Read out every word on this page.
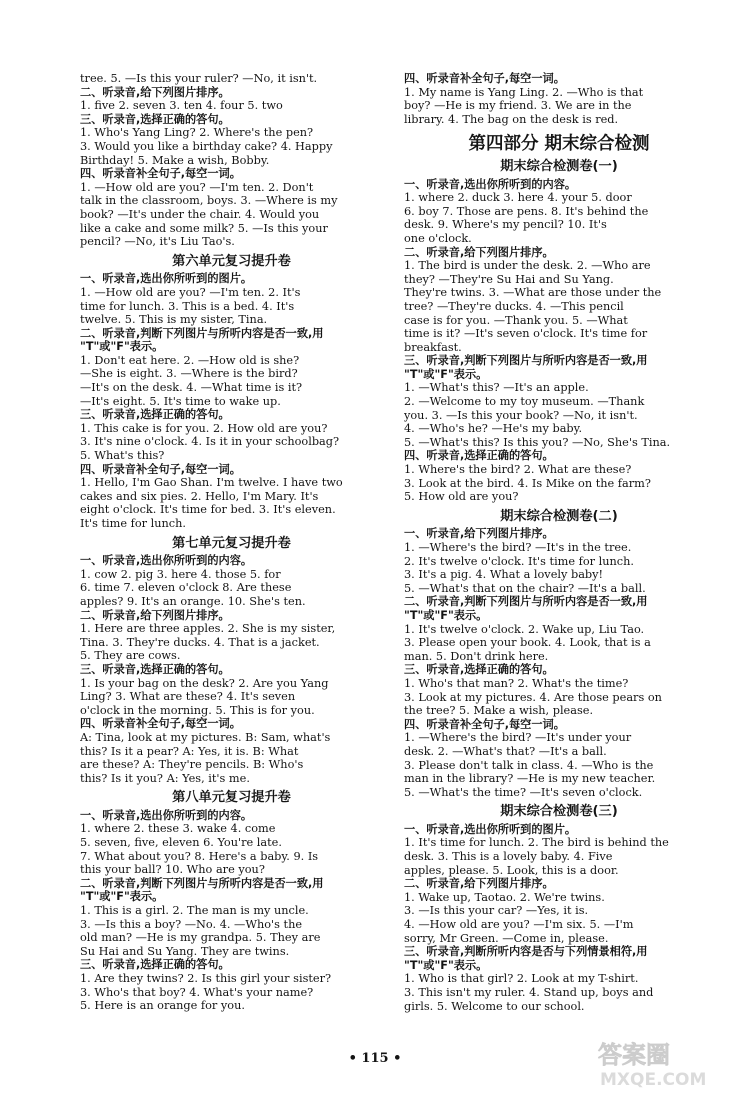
tree. 5. —Is this your ruler? —No, it isn't.
二、听录音,给下列图片排序。
1. five 2. seven 3. ten 4. four 5. two
三、听录音,选择正确的答句。
1. Who's Yang Ling? 2. Where's the pen?
3. Would you like a birthday cake? 4. Happy
Birthday! 5. Make a wish, Bobby.
四、听录音补全句子,每空一词。
1. —How old are you? —I'm ten. 2. Don't
talk in the classroom, boys. 3. —Where is my
book? —It's under the chair. 4. Would you
like a cake and some milk? 5. —Is this your
pencil? —No, it's Liu Tao's.
第六单元复习提升卷
一、听录音,选出你所听到的图片。
1. —How old are you? —I'm ten. 2. It's
time for lunch. 3. This is a bed. 4. It's
twelve. 5. This is my sister, Tina.
二、听录音,判断下列图片与所听内容是否一致,用
"T"或"F"表示。
1. Don't eat here. 2. —How old is she?
—She is eight. 3. —Where is the bird?
—It's on the desk. 4. —What time is it?
—It's eight. 5. It's time to wake up.
三、听录音,选择正确的答句。
1. This cake is for you. 2. How old are you?
3. It's nine o'clock. 4. Is it in your schoolbag?
5. What's this?
四、听录音补全句子,每空一词。
1. Hello, I'm Gao Shan. I'm twelve. I have two
cakes and six pies. 2. Hello, I'm Mary. It's
eight o'clock. It's time for bed. 3. It's eleven.
It's time for lunch.
第七单元复习提升卷
一、听录音,选出你所听到的内容。
1. cow 2. pig 3. here 4. those 5. for
6. time 7. eleven o'clock 8. Are these
apples? 9. It's an orange. 10. She's ten.
二、听录音,给下列图片排序。
1. Here are three apples. 2. She is my sister,
Tina. 3. They're ducks. 4. That is a jacket.
5. They are cows.
三、听录音,选择正确的答句。
1. Is your bag on the desk? 2. Are you Yang
Ling? 3. What are these? 4. It's seven
o'clock in the morning. 5. This is for you.
四、听录音补全句子,每空一词。
A: Tina, look at my pictures. B: Sam, what's
this? Is it a pear? A: Yes, it is. B: What
are these? A: They're pencils. B: Who's
this? Is it you? A: Yes, it's me.
第八单元复习提升卷
一、听录音,选出你所听到的内容。
1. where 2. these 3. wake 4. come
5. seven, five, eleven 6. You're late.
7. What about you? 8. Here's a baby. 9. Is
this your ball? 10. Who are you?
二、听录音,判断下列图片与所听内容是否一致,用
"T"或"F"表示。
1. This is a girl. 2. The man is my uncle.
3. —Is this a boy? —No. 4. —Who's the
old man? —He is my grandpa. 5. They are
Su Hai and Su Yang. They are twins.
三、听录音,选择正确的答句。
1. Are they twins? 2. Is this girl your sister?
3. Who's that boy? 4. What's your name?
5. Here is an orange for you.
四、听录音补全句子,每空一词。
1. My name is Yang Ling. 2. —Who is that
boy? —He is my friend. 3. We are in the
library. 4. The bag on the desk is red.
第四部分 期末综合检测
期末综合检测卷(一)
一、听录音,选出你所听到的内容。
1. where 2. duck 3. here 4. your 5. door
6. boy 7. Those are pens. 8. It's behind the
desk. 9. Where's my pencil? 10. It's
one o'clock.
二、听录音,给下列图片排序。
1. The bird is under the desk. 2. —Who are
they? —They're Su Hai and Su Yang.
They're twins. 3. —What are those under the
tree? —They're ducks. 4. —This pencil
case is for you. —Thank you. 5. —What
time is it? —It's seven o'clock. It's time for
breakfast.
三、听录音,判断下列图片与所听内容是否一致,用
"T"或"F"表示。
1. —What's this? —It's an apple.
2. —Welcome to my toy museum. —Thank
you. 3. —Is this your book? —No, it isn't.
4. —Who's he? —He's my baby.
5. —What's this? Is this you? —No, She's Tina.
四、听录音,选择正确的答句。
1. Where's the bird? 2. What are these?
3. Look at the bird. 4. Is Mike on the farm?
5. How old are you?
期末综合检测卷(二)
一、听录音,给下列图片排序。
1. —Where's the bird? —It's in the tree.
2. It's twelve o'clock. It's time for lunch.
3. It's a pig. 4. What a lovely baby!
5. —What's that on the chair? —It's a ball.
二、听录音,判断下列图片与所听内容是否一致,用
"T"或"F"表示。
1. It's twelve o'clock. 2. Wake up, Liu Tao.
3. Please open your book. 4. Look, that is a
man. 5. Don't drink here.
三、听录音,选择正确的答句。
1. Who's that man? 2. What's the time?
3. Look at my pictures. 4. Are those pears on
the tree? 5. Make a wish, please.
四、听录音补全句子,每空一词。
1. —Where's the bird? —It's under your
desk. 2. —What's that? —It's a ball.
3. Please don't talk in class. 4. —Who is the
man in the library? —He is my new teacher.
5. —What's the time? —It's seven o'clock.
期末综合检测卷(三)
一、听录音,选出你所听到的图片。
1. It's time for lunch. 2. The bird is behind the
desk. 3. This is a lovely baby. 4. Five
apples, please. 5. Look, this is a door.
二、听录音,给下列图片排序。
1. Wake up, Taotao. 2. We're twins.
3. —Is this your car? —Yes, it is.
4. —How old are you? —I'm six. 5. —I'm
sorry, Mr Green. —Come in, please.
三、听录音,判断所听内容是否与下列情景相符,用
"T"或"F"表示。
1. Who is that girl? 2. Look at my T-shirt.
3. This isn't my ruler. 4. Stand up, boys and
girls. 5. Welcome to our school.
• 115 •	答案圈
MXQE.COM
